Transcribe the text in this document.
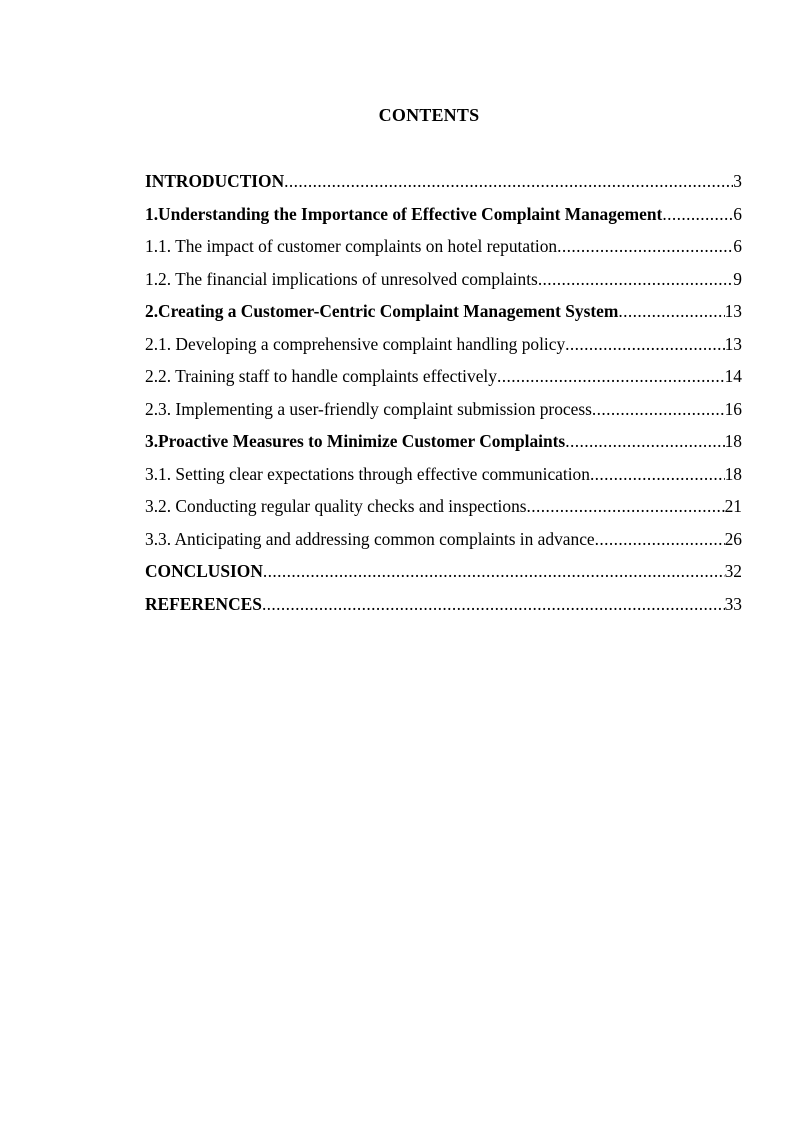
CONTENTS
INTRODUCTION .....	3
1.Understanding the Importance of Effective Complaint Management .....	6
1.1. The impact of customer complaints on hotel reputation .....	6
1.2. The financial implications of unresolved complaints .....	9
2.Creating a Customer-Centric Complaint Management System .....	13
2.1. Developing a comprehensive complaint handling policy .....	13
2.2. Training staff to handle complaints effectively .....	14
2.3. Implementing a user-friendly complaint submission process .....	16
3.Proactive Measures to Minimize Customer Complaints .....	18
3.1. Setting clear expectations through effective communication .....	18
3.2. Conducting regular quality checks and inspections .....	21
3.3. Anticipating and addressing common complaints in advance .....	26
CONCLUSION .....	32
REFERENCES .....	33
